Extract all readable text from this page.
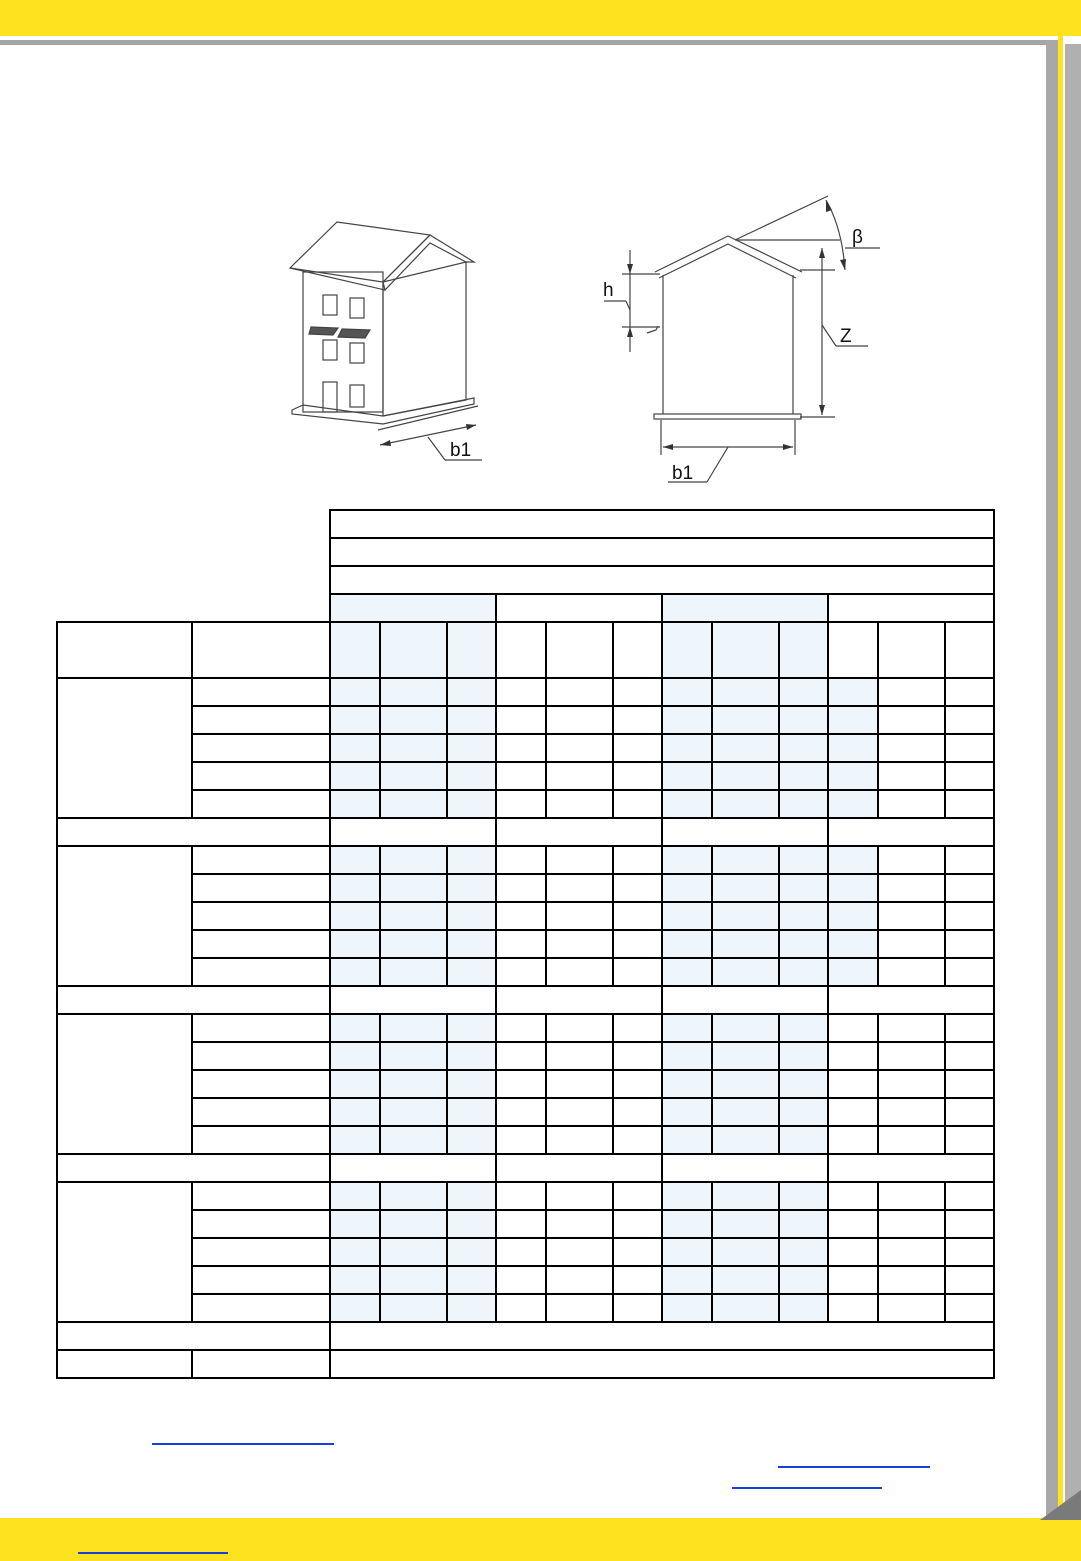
b1
h
Z
β
b1
